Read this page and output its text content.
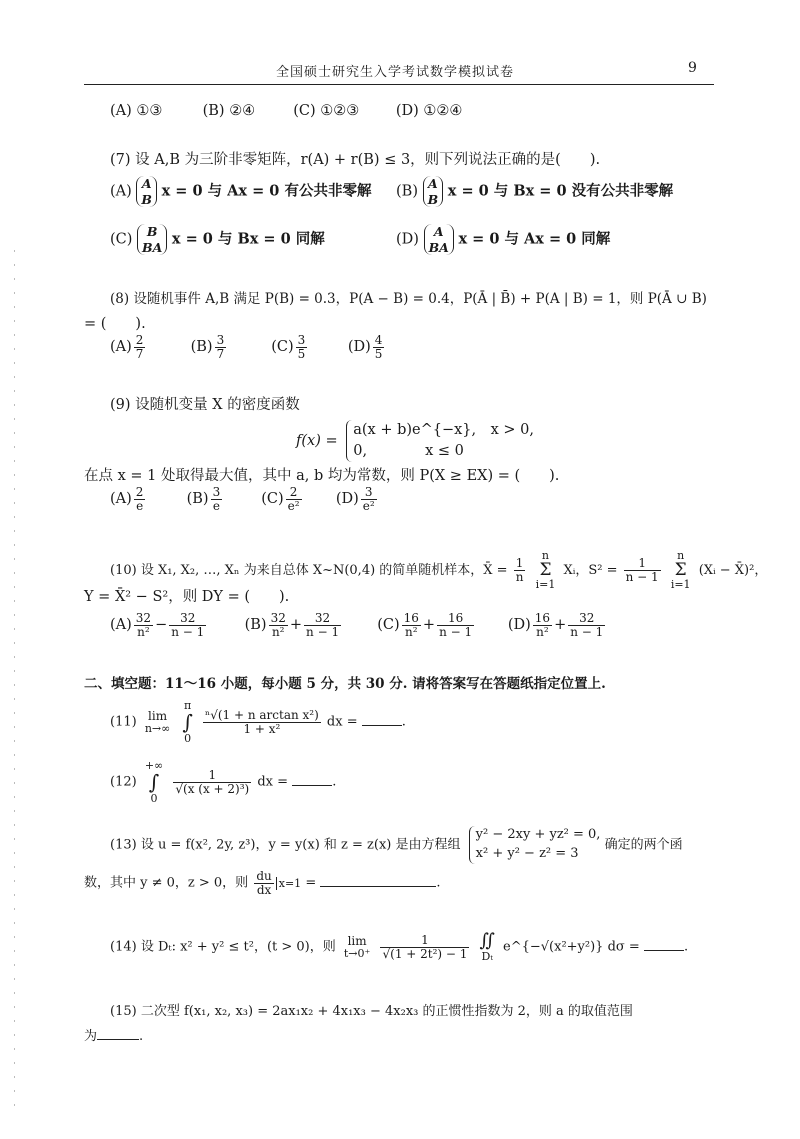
全国硕士研究生入学考试数学模拟试卷	9
(A) ①③	(B) ②④	(C) ①②③	(D) ①②④
(7) 设 A,B 为三阶非零矩阵，r(A) + r(B) ≤ 3，则下列说法正确的是(　　).
(A) A
B x = 0 与 Ax = 0 有公共非零解 (B) A
B x = 0 与 Bx = 0 没有公共非零解
(C) B
BA x = 0 与 Bx = 0 同解	(D) A
BA x = 0 与 Ax = 0 同解
(8) 设随机事件 A,B 满足 P(B) = 0.3，P(A − B) = 0.4，P(Ā | B̄) + P(A | B) = 1，则 P(Ā ∪ B)
= (　　).
$(A) \frac{2}{7}$	$(B) \frac{3}{7}$	$(C) \frac{3}{5}$	$(D) \frac{4}{5}$
(9) 设随机变量 X 的密度函数
f(x) = a(x + b)e^{−x},　x > 0,
0,　　　　x ≤ 0
在点 x = 1 处取得最大值，其中 a, b 均为常数，则 P(X ≥ EX) = (　　).
$(A) \frac{2}{e}$	$(B) \frac{3}{e}$	$(C) \frac{2}{\text{e²}} (D) \frac{3}{\text{e²}}$
(10) 设 X₁, X₂, …, Xₙ 为来自总体 X~N(0,4) 的简单随机样本，X̄ = $\frac{1}{n}$

n
Σ
i=1
Xᵢ，$S^2 = \frac{1}{n - 1}$

n
Σ
i=1
(Xᵢ − X̄)²，
Y = X̄² − S²，则 DY = (　　).
$(A) \frac{32}{\text{n²}} - \frac{32}{n - 1}$	$(B) \frac{32}{\text{n²}} + \frac{32}{n - 1} (C) \frac{16}{\text{n²}} + \frac{16}{n - 1} (D) \frac{16}{\text{n²}} + \frac{32}{n - 1}$
二、填空题：11～16 小题，每小题 5 分，共 30 分. 请将答案写在答题纸指定位置上.
(11) lim
n→∞

π
∫
0

$\frac{\text{ⁿ√(1 + n arctan x²)}}{\text{1 + x²}}$ dx =	.
(12)
+∞
∫
0

$\frac{1}{\text{√(x (x + 2)³)}}$ dx =	.
(13) 设 u = f(x², 2y, z³)，y = y(x) 和 z = z(x) 是由方程组 y² − 2xy + yz² = 0,
x² + y² − z² = 3 确定的两个函
数，其中 y ≠ 0，z > 0，则 $\frac{du}{dx} x=1$ =	.
(14) 设 Dₜ: x² + y² ≤ t²，(t > 0)，则 lim
t→0⁺
$\frac{1}{\text{√(1 + 2t²) − 1}}$
∬
Dₜ
e^{−√(x²+y²)} dσ =	.
(15) 二次型 f(x₁, x₂, x₃) = 2ax₁x₂ + 4x₁x₃ − 4x₂x₃ 的正惯性指数为 2，则 a 的取值范围
为	.
